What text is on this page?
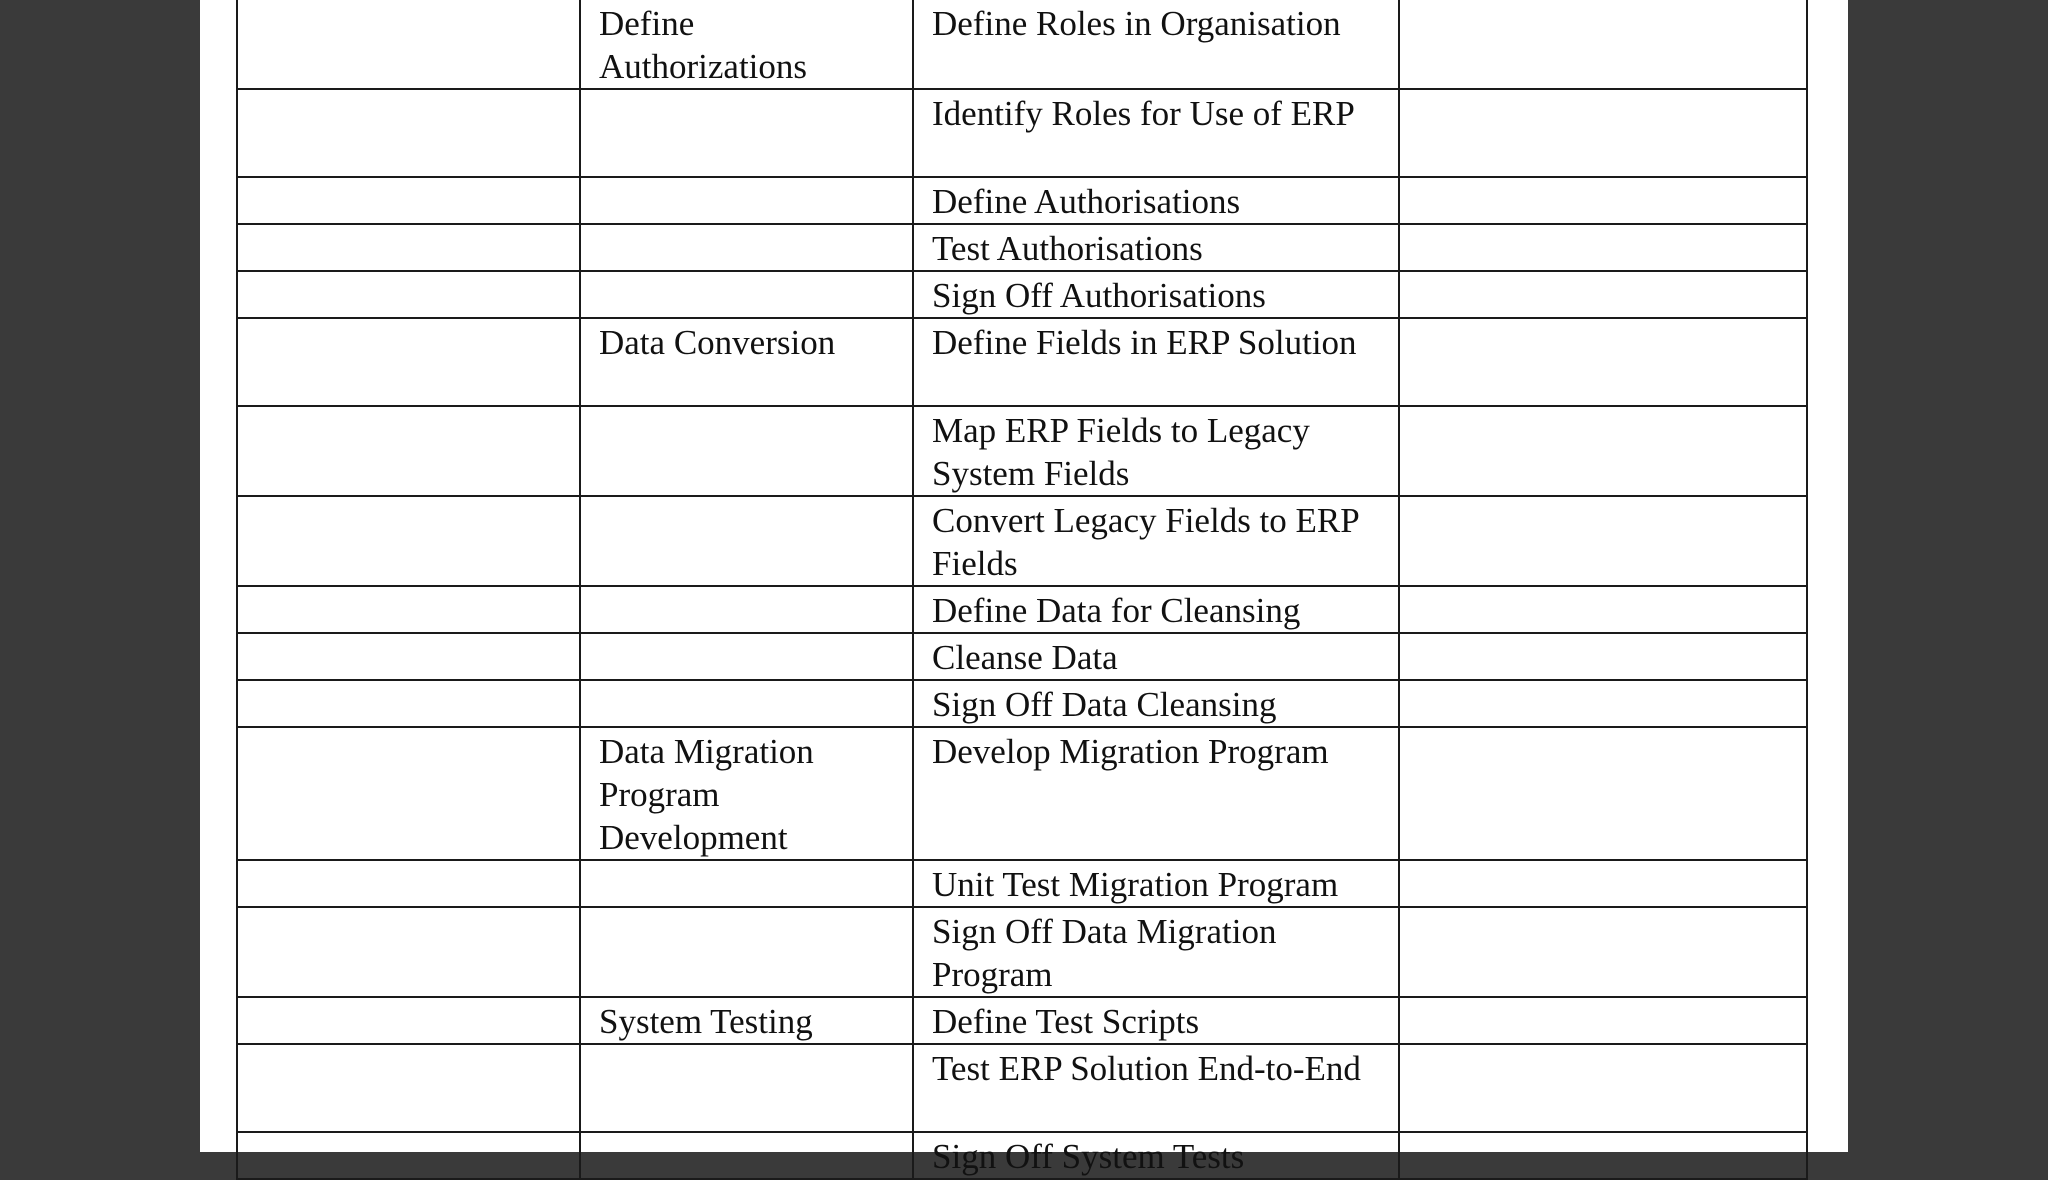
	Define Authorizations	Define Roles in Organisation	
		Identify Roles for Use of ERP	
		Define Authorisations	
		Test Authorisations	
		Sign Off Authorisations	
	Data Conversion	Define Fields in ERP Solution	
		Map ERP Fields to Legacy System Fields	
		Convert Legacy Fields to ERP Fields	
		Define Data for Cleansing	
		Cleanse Data	
		Sign Off Data Cleansing	
	Data Migration Program Development	Develop Migration Program	
		Unit Test Migration Program	
		Sign Off Data Migration Program	
	System Testing	Define Test Scripts	
		Test ERP Solution End-to-End	
		Sign Off System Tests	
